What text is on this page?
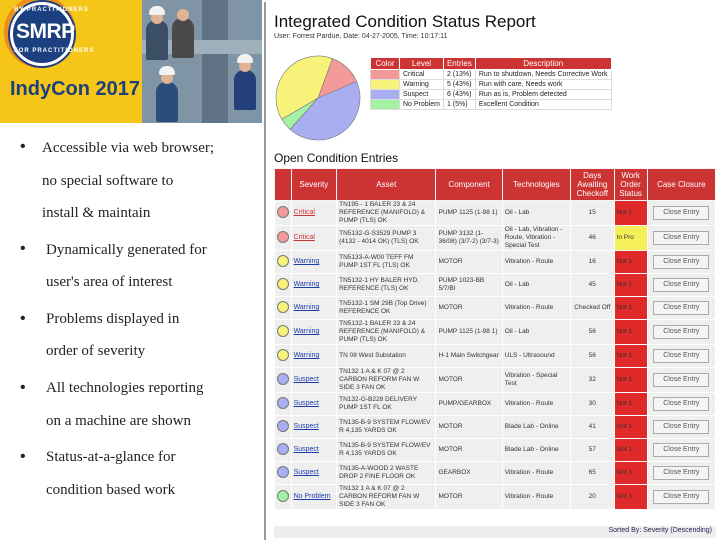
BY PRACTITIONERS
SMRP
FOR PRACTITIONERS
IndyCon 2017
• Accessible via web browser;
no special software to
install & maintain
• Dynamically generated for
user's area of interest
• Problems displayed in
order of severity
• All technologies reporting
on a machine are shown
• Status-at-a-glance for
condition based work
Integrated Condition Status Report
User: Forrest Pardue, Date: 04-27-2005, Time: 10:17:11
Color	Level	Entries	Description
	Critical	2 (13%)	Run to shutdown, Needs Corrective Work
	Warning	5 (43%)	Run with care, Needs work
	Suspect	6 (43%)	Run as is, Problem detected
	No Problem	1 (5%)	Excellent Condition
Open Condition Entries
	Severity	Asset	Component	Technologies	Days Awaiting Checkoff	Work Order Status	Case Closure
	Critical	TN195 - 1 BALER 23 & 24 REFERENCE (MANIFOLD) & PUMP (TLS) OK	PUMP 1125 (1-98 1)	Oil - Lab	15	Not 1	Close Entry
	Critical	TN5132-G-S3529 PUMP 3 (4132 - 4014 OK) (TLS) OK	PUMP 3132 (1-36/08) (3/7-2) (3/7-3)	Oil - Lab, Vibration - Route, Vibration - Special Test	46	In Pro	Close Entry
	Warning	TN5133-A-W00 TEFF FM PUMP 1ST FL (TLS) OK	MOTOR	Vibration - Route	16	Not 1	Close Entry
	Warning	TN5132-1 HY BALER HYD. REFERENCE (TLS) OK	PUMP 1023-BB 5/7/Bl	Oil - Lab	45	Not 1	Close Entry
	Warning	TN5132-1 SM 29B (Top Drive) REFERENCE OK	MOTOR	Vibration - Route	Checked Off	Not 1	Close Entry
	Warning	TN5132-1 BALER 23 & 24 REFERENCE (MANIFOLD) & PUMP (TLS) OK	PUMP 1125 (1-98 1)	Oil - Lab	56	Not 1	Close Entry
	Warning	TN 08 West Substation	H-1 Main Switchgear	ULS - Ultrasound	56	Not 1	Close Entry
	Suspect	TN132 1 A & K 07 @ 2 CARBON REFORM FAN W SIDE 3 FAN OK	MOTOR	Vibration - Special Test	32	Not 1	Close Entry
	Suspect	TN132-G-B228 DELIVERY PUMP 1ST FL OK	PUMP/GEARBOX	Vibration - Route	30	Not 1	Close Entry
	Suspect	TN135-B-9 SYSTEM FLOW/EV R 4,135 YARDS OK	MOTOR	Blade Lab - Online	41	Not 1	Close Entry
	Suspect	TN135-B-9 SYSTEM FLOW/EV R 4,135 YARDS OK	MOTOR	Blade Lab - Online	57	Not 1	Close Entry
	Suspect	TN135-A-WOOD 2 WASTE DROP 2 FINE FLOOR OK	GEARBOX	Vibration - Route	65	Not 1	Close Entry
	No Problem	TN132 1 A & K 07 @ 2 CARBON REFORM FAN W SIDE 3 FAN OK	MOTOR	Vibration - Route	20	Not 1	Close Entry
Sorted By: Severity (Descending)
